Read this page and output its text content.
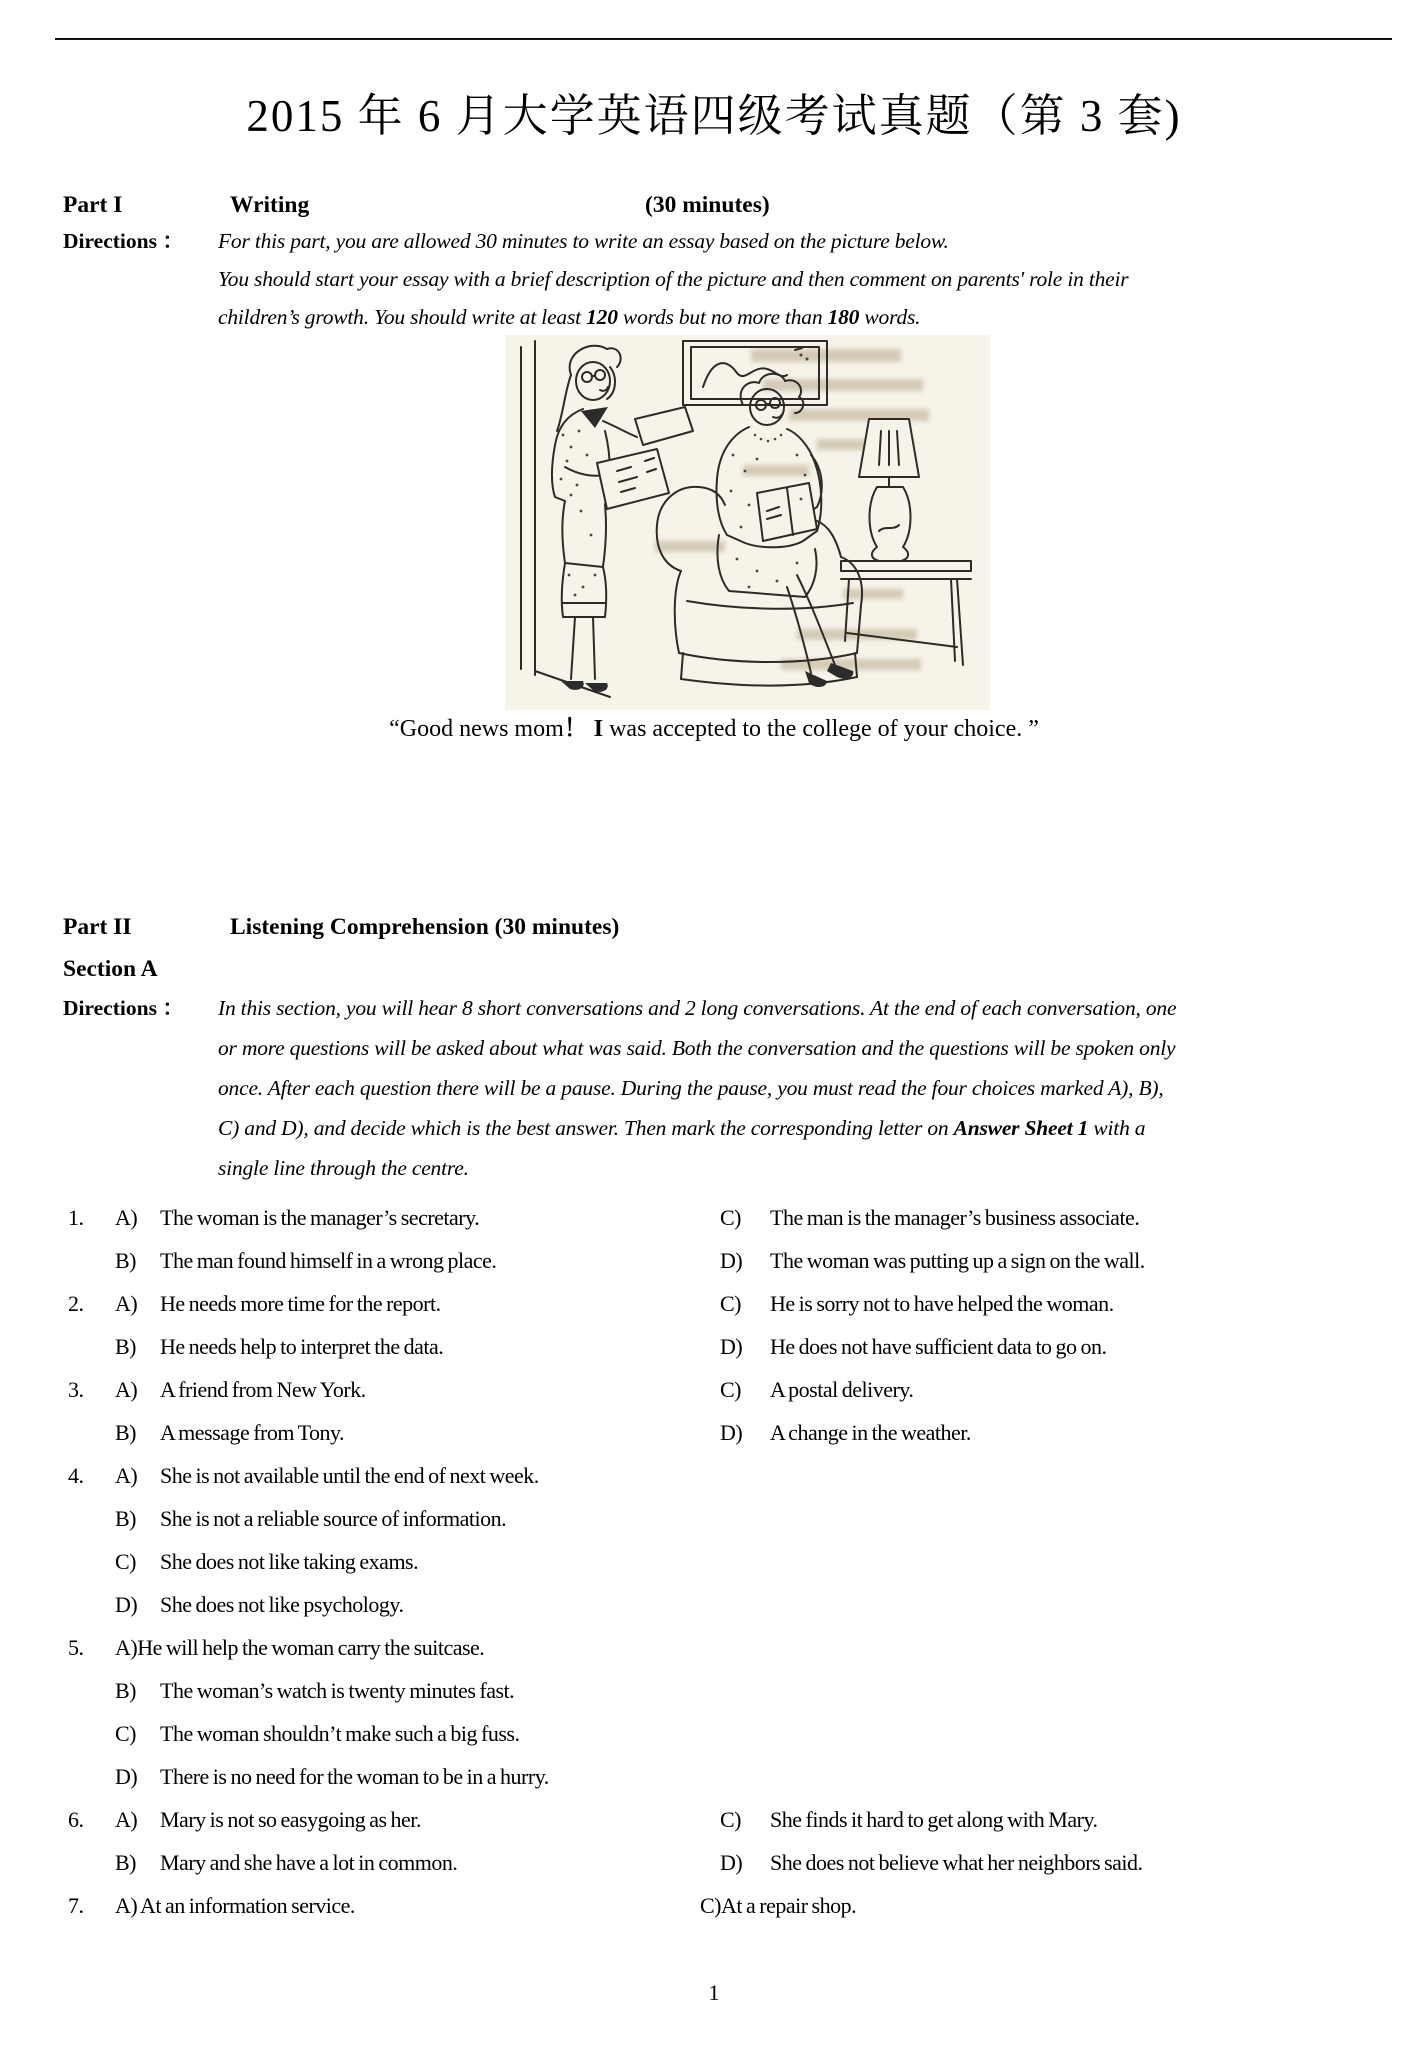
2015 年 6 月大学英语四级考试真题（第 3 套)
Part I	Writing	(30 minutes)
Directions ：	For this part, you are allowed 30 minutes to write an essay based on the picture below.
You should start your essay with a brief description of the picture and then comment on parents' role in their
children’s growth. You should write at least 120 words but no more than 180 words.
“Good news mom！ I was accepted to the college of your choice. ”
Part II	Listening Comprehension (30 minutes)
Section A
Directions ：	In this section, you will hear 8 short conversations and 2 long conversations. At the end of each conversation, one
or more questions will be asked about what was said. Both the conversation and the questions will be spoken only
once. After each question there will be a pause. During the pause, you must read the four choices marked A), B),
C) and D), and decide which is the best answer. Then mark the corresponding letter on Answer Sheet 1 with a
single line through the centre.
1.	A)	The woman is the manager’s secretary.	C)	The man is the manager’s business associate.
B)	The man found himself in a wrong place.	D)	The woman was putting up a sign on the wall.
2.	A)	He needs more time for the report.	C)	He is sorry not to have helped the woman.
B)	He needs help to interpret the data.	D)	He does not have sufficient data to go on.
3.	A)	A friend from New York.	C)	A postal delivery.
B)	A message from Tony.	D)	A change in the weather.
4.	A)	She is not available until the end of next week.
B)	She is not a reliable source of information.
C)	She does not like taking exams.
D)	She does not like psychology.
5.	A)He will help the woman carry the suitcase.
B)	The woman’s watch is twenty minutes fast.
C)	The woman shouldn’t make such a big fuss.
D)	There is no need for the woman to be in a hurry.
6.	A)	Mary is not so easygoing as her.	C)	She finds it hard to get along with Mary.
B)	Mary and she have a lot in common.	D)	She does not believe what her neighbors said.
7.	A) At an information service.	C)At a repair shop.
1
